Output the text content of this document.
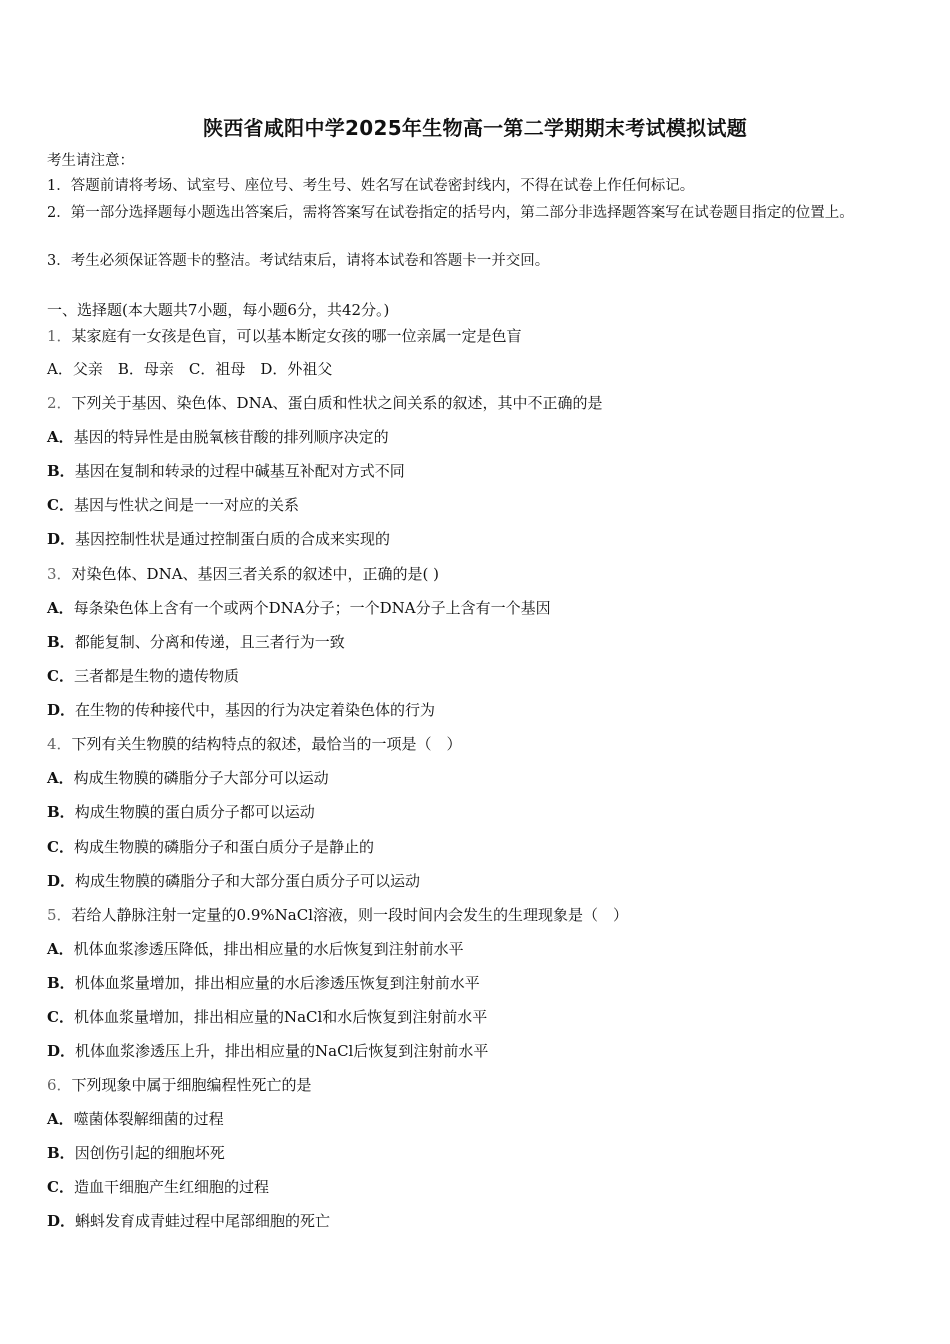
陕西省咸阳中学2025年生物高一第二学期期末考试模拟试题
考生请注意：
1．答题前请将考场、试室号、座位号、考生号、姓名写在试卷密封线内，不得在试卷上作任何标记。
2．第一部分选择题每小题选出答案后，需将答案写在试卷指定的括号内，第二部分非选择题答案写在试卷题目指定的位置上。
3．考生必须保证答题卡的整洁。考试结束后，请将本试卷和答题卡一并交回。
一、选择题(本大题共7小题，每小题6分，共42分。)
1．某家庭有一女孩是色盲，可以基本断定女孩的哪一位亲属一定是色盲
A．父亲　B．母亲　C．祖母　D．外祖父
2．下列关于基因、染色体、DNA、蛋白质和性状之间关系的叙述，其中不正确的是
A．基因的特异性是由脱氧核苷酸的排列顺序决定的
B．基因在复制和转录的过程中碱基互补配对方式不同
C．基因与性状之间是一一对应的关系
D．基因控制性状是通过控制蛋白质的合成来实现的
3．对染色体、DNA、基因三者关系的叙述中，正确的是( )
A．每条染色体上含有一个或两个DNA分子；一个DNA分子上含有一个基因
B．都能复制、分离和传递，且三者行为一致
C．三者都是生物的遗传物质
D．在生物的传种接代中，基因的行为决定着染色体的行为
4．下列有关生物膜的结构特点的叙述，最恰当的一项是（　）
A．构成生物膜的磷脂分子大部分可以运动
B．构成生物膜的蛋白质分子都可以运动
C．构成生物膜的磷脂分子和蛋白质分子是静止的
D．构成生物膜的磷脂分子和大部分蛋白质分子可以运动
5．若给人静脉注射一定量的0.9%NaCl溶液，则一段时间内会发生的生理现象是（　）
A．机体血浆渗透压降低，排出相应量的水后恢复到注射前水平
B．机体血浆量增加，排出相应量的水后渗透压恢复到注射前水平
C．机体血浆量增加，排出相应量的NaCl和水后恢复到注射前水平
D．机体血浆渗透压上升，排出相应量的NaCl后恢复到注射前水平
6．下列现象中属于细胞编程性死亡的是
A．噬菌体裂解细菌的过程
B．因创伤引起的细胞坏死
C．造血干细胞产生红细胞的过程
D．蝌蚪发育成青蛙过程中尾部细胞的死亡
